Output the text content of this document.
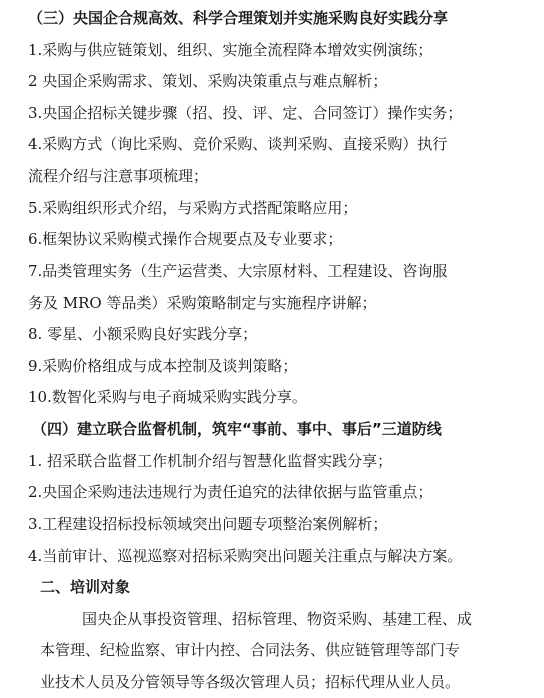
（三）央国企合规高效、科学合理策划并实施采购良好实践分享
1.采购与供应链策划、组织、实施全流程降本增效实例演练；
2 央国企采购需求、策划、采购决策重点与难点解析；
3.央国企招标关键步骤（招、投、评、定、合同签订）操作实务；
4.采购方式（询比采购、竞价采购、谈判采购、直接采购）执行
流程介绍与注意事项梳理；
5.采购组织形式介绍，与采购方式搭配策略应用；
6.框架协议采购模式操作合规要点及专业要求；
7.品类管理实务（生产运营类、大宗原材料、工程建设、咨询服
务及 MRO 等品类）采购策略制定与实施程序讲解；
8. 零星、小额采购良好实践分享；
9.采购价格组成与成本控制及谈判策略；
10.数智化采购与电子商城采购实践分享。
（四）建立联合监督机制，筑牢“事前、事中、事后”三道防线
1. 招采联合监督工作机制介绍与智慧化监督实践分享；
2.央国企采购违法违规行为责任追究的法律依据与监管重点；
3.工程建设招标投标领域突出问题专项整治案例解析；
4.当前审计、巡视巡察对招标采购突出问题关注重点与解决方案。
二、培训对象
国央企从事投资管理、招标管理、物资采购、基建工程、成
本管理、纪检监察、审计内控、合同法务、供应链管理等部门专
业技术人员及分管领导等各级次管理人员；招标代理从业人员。
